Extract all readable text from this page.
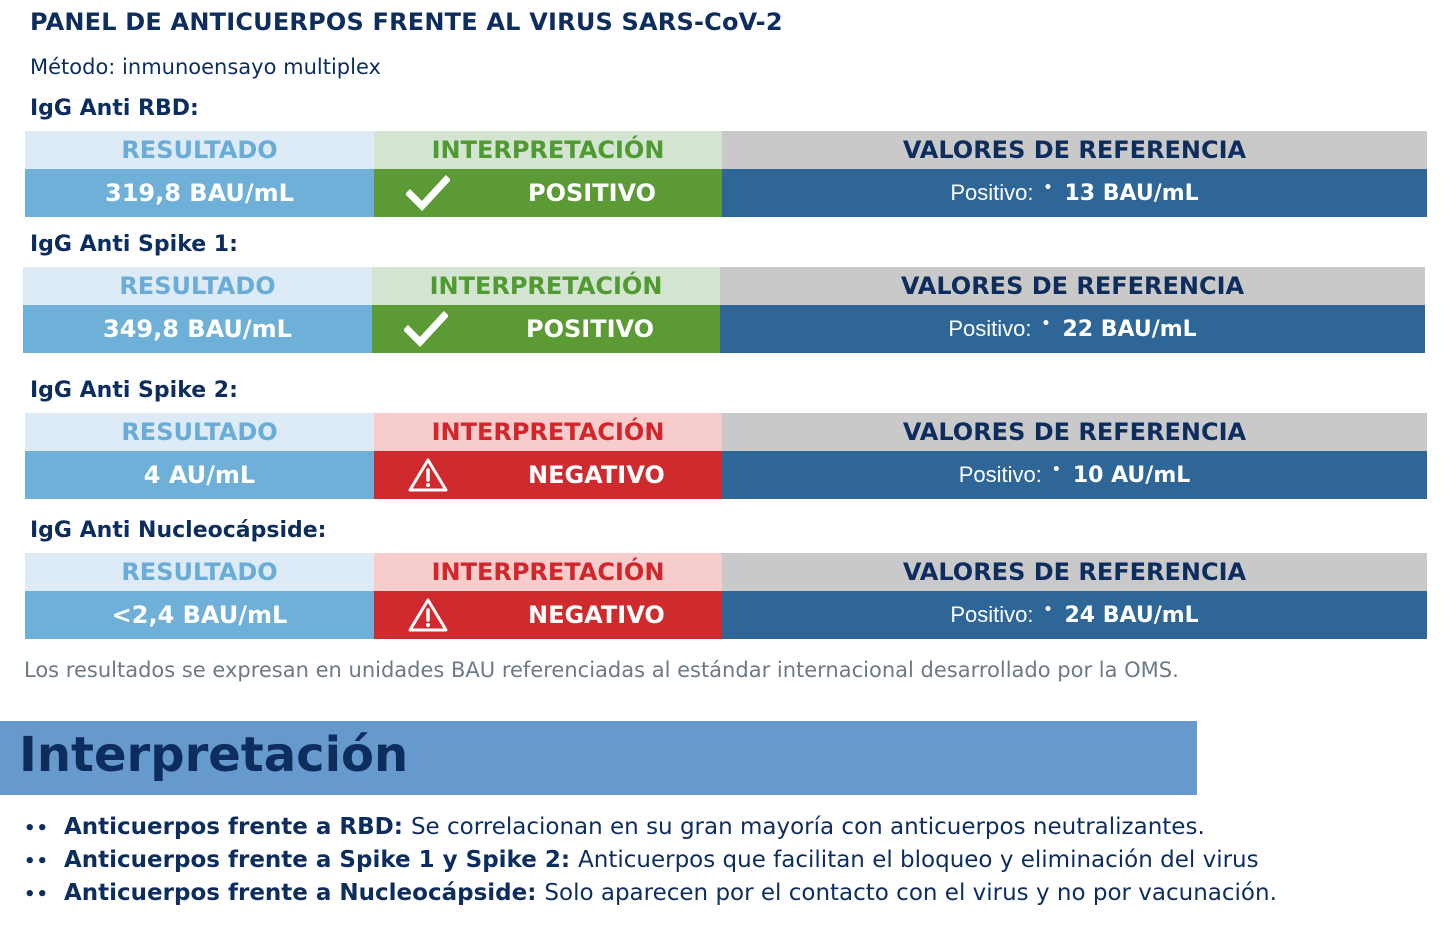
PANEL DE ANTICUERPOS FRENTE AL VIRUS SARS-CoV-2
Método: inmunoensayo multiplex
IgG Anti RBD:
RESULTADO	INTERPRETACIÓN	VALORES DE REFERENCIA
319,8 BAU/mL	POSITIVO	Positivo: • 13 BAU/mL
IgG Anti Spike 1:
RESULTADO	INTERPRETACIÓN	VALORES DE REFERENCIA
349,8 BAU/mL	POSITIVO	Positivo: • 22 BAU/mL
IgG Anti Spike 2:
RESULTADO	INTERPRETACIÓN	VALORES DE REFERENCIA
4 AU/mL	NEGATIVO	Positivo: • 10 AU/mL
IgG Anti Nucleocápside:
RESULTADO	INTERPRETACIÓN	VALORES DE REFERENCIA
<2,4 BAU/mL	NEGATIVO	Positivo: • 24 BAU/mL
Los resultados se expresan en unidades BAU referenciadas al estándar internacional desarrollado por la OMS.
Interpretación
•• Anticuerpos frente a RBD: Se correlacionan en su gran mayoría con anticuerpos neutralizantes.
•• Anticuerpos frente a Spike 1 y Spike 2: Anticuerpos que facilitan el bloqueo y eliminación del virus
•• Anticuerpos frente a Nucleocápside: Solo aparecen por el contacto con el virus y no por vacunación.
